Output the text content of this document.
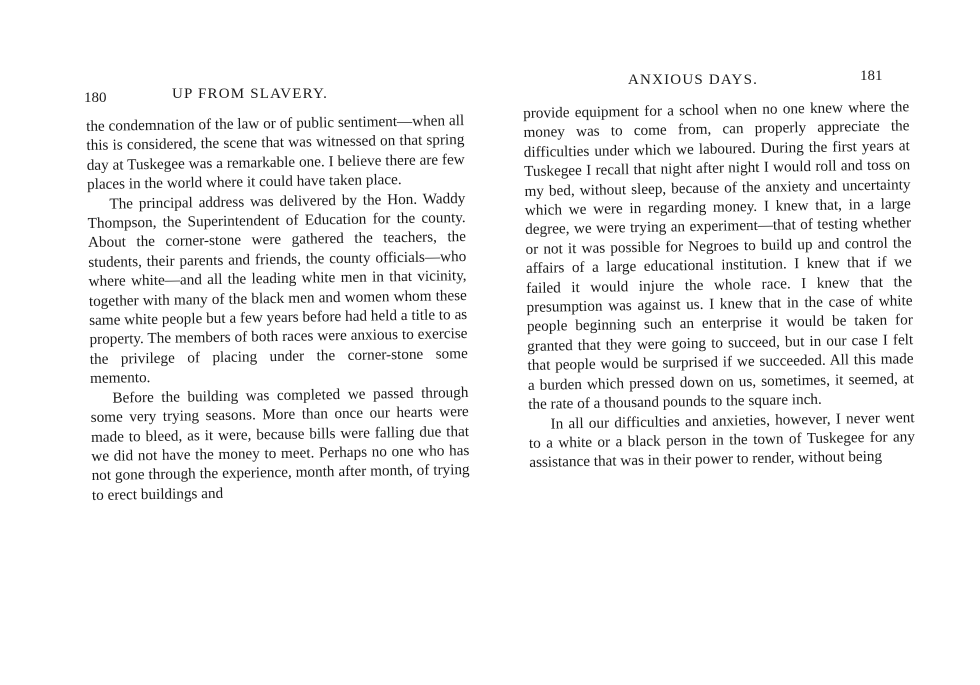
180	UP FROM SLAVERY.

the condemnation of the law or of public sentiment—when all this is considered, the scene that was witnessed on that spring day at Tuskegee was a remarkable one. I believe there are few places in the world where it could have taken place.

The principal address was delivered by the Hon. Waddy Thompson, the Superintendent of Education for the county. About the corner-stone were gathered the teachers, the students, their parents and friends, the county officials—who where white—and all the leading white men in that vicinity, together with many of the black men and women whom these same white people but a few years before had held a title to as property. The members of both races were anxious to exercise the privilege of placing under the corner-stone some memento.

Before the building was completed we passed through some very trying seasons. More than once our hearts were made to bleed, as it were, because bills were falling due that we did not have the money to meet. Perhaps no one who has not gone through the experience, month after month, of trying to erect buildings and

ANXIOUS DAYS.	181

provide equipment for a school when no one knew where the money was to come from, can properly appreciate the difficulties under which we laboured. During the first years at Tuskegee I recall that night after night I would roll and toss on my bed, without sleep, because of the anxiety and uncertainty which we were in regarding money. I knew that, in a large degree, we were trying an experiment—that of testing whether or not it was possible for Negroes to build up and control the affairs of a large educational institution. I knew that if we failed it would injure the whole race. I knew that the presumption was against us. I knew that in the case of white people beginning such an enterprise it would be taken for granted that they were going to succeed, but in our case I felt that people would be surprised if we succeeded. All this made a burden which pressed down on us, sometimes, it seemed, at the rate of a thousand pounds to the square inch.

In all our difficulties and anxieties, however, I never went to a white or a black person in the town of Tuskegee for any assistance that was in their power to render, without being
